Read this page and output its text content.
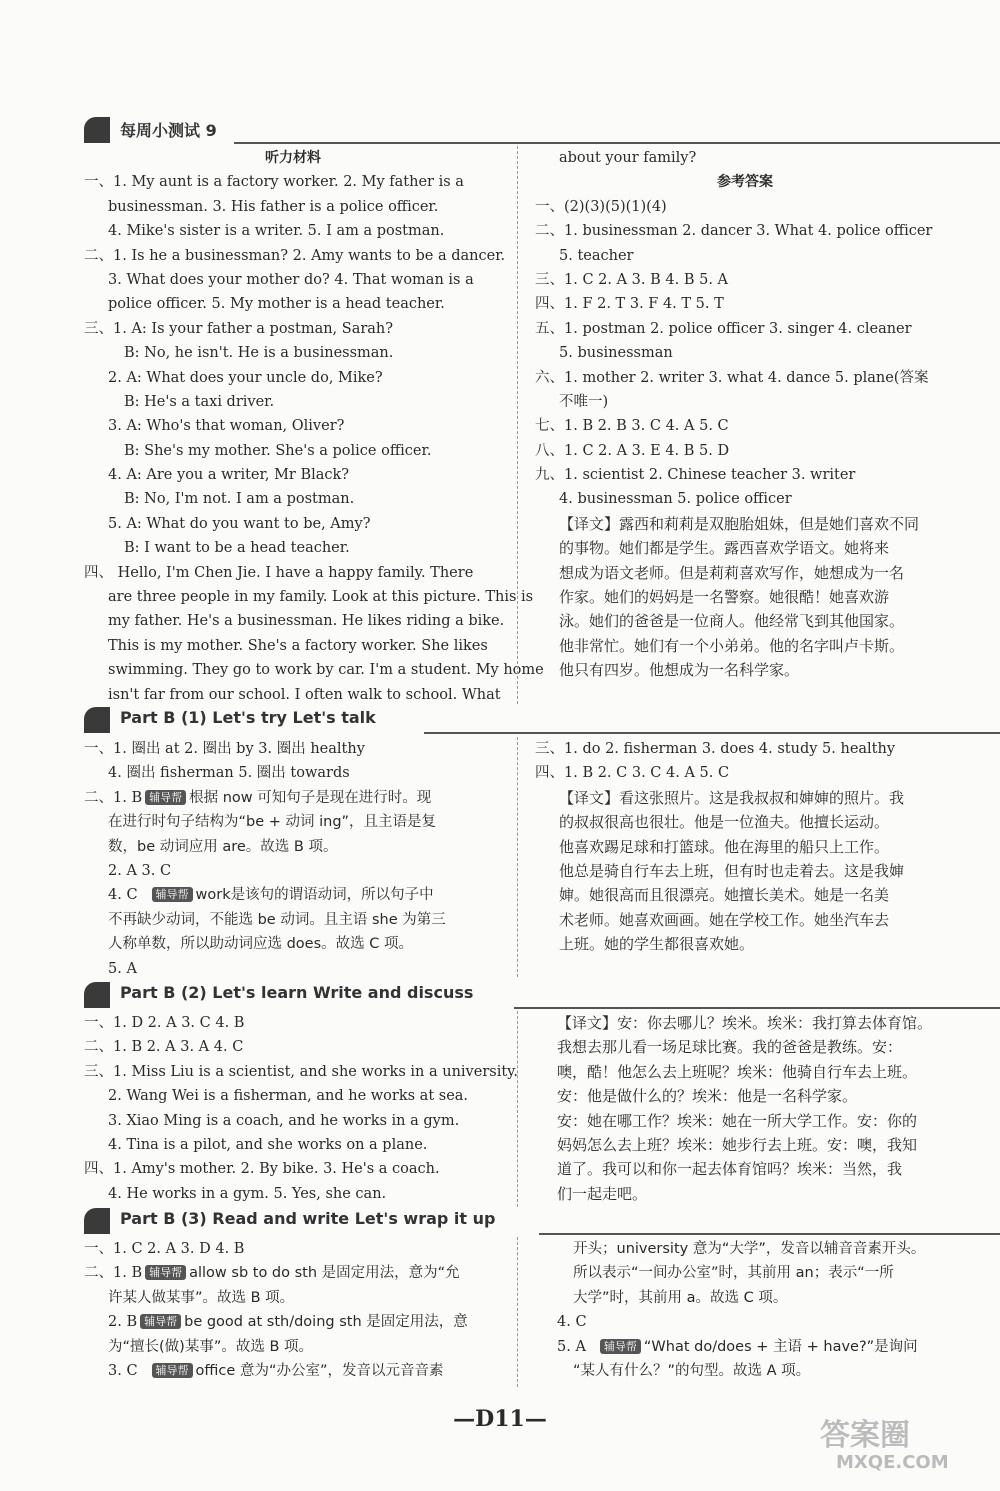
每周小测试 9
听力材料
一、1. My aunt is a factory worker. 2. My father is a
businessman. 3. His father is a police officer.
4. Mike's sister is a writer. 5. I am a postman.
二、1. Is he a businessman? 2. Amy wants to be a dancer.
3. What does your mother do? 4. That woman is a
police officer. 5. My mother is a head teacher.
三、1. A: Is your father a postman, Sarah?
B: No, he isn't. He is a businessman.
2. A: What does your uncle do, Mike?
B: He's a taxi driver.
3. A: Who's that woman, Oliver?
B: She's my mother. She's a police officer.
4. A: Are you a writer, Mr Black?
B: No, I'm not. I am a postman.
5. A: What do you want to be, Amy?
B: I want to be a head teacher.
四、 Hello, I'm Chen Jie. I have a happy family. There
are three people in my family. Look at this picture. This is
my father. He's a businessman. He likes riding a bike.
This is my mother. She's a factory worker. She likes
swimming. They go to work by car. I'm a student. My home
isn't far from our school. I often walk to school. What
about your family?
参考答案
一、(2)(3)(5)(1)(4)
二、1. businessman 2. dancer 3. What 4. police officer
5. teacher
三、1. C 2. A 3. B 4. B 5. A
四、1. F 2. T 3. F 4. T 5. T
五、1. postman 2. police officer 3. singer 4. cleaner
5. businessman
六、1. mother 2. writer 3. what 4. dance 5. plane(答案
不唯一)
七、1. B 2. B 3. C 4. A 5. C
八、1. C 2. A 3. E 4. B 5. D
九、1. scientist 2. Chinese teacher 3. writer
4. businessman 5. police officer
【译文】露西和莉莉是双胞胎姐妹，但是她们喜欢不同
的事物。她们都是学生。露西喜欢学语文。她将来
想成为语文老师。但是莉莉喜欢写作，她想成为一名
作家。她们的妈妈是一名警察。她很酷！她喜欢游
泳。她们的爸爸是一位商人。他经常飞到其他国家。
他非常忙。她们有一个小弟弟。他的名字叫卢卡斯。
他只有四岁。他想成为一名科学家。
Part B (1) Let's try Let's talk
一、1. 圈出 at 2. 圈出 by 3. 圈出 healthy
4. 圈出 fisherman 5. 圈出 towards
二、1. B 辅导帮 根据 now 可知句子是现在进行时。现
在进行时句子结构为“be + 动词 ing”，且主语是复
数，be 动词应用 are。故选 B 项。
2. A 3. C
4. C 辅导帮 work是该句的谓语动词，所以句子中
不再缺少动词，不能选 be 动词。且主语 she 为第三
人称单数，所以助动词应选 does。故选 C 项。
5. A
三、1. do 2. fisherman 3. does 4. study 5. healthy
四、1. B 2. C 3. C 4. A 5. C
【译文】看这张照片。这是我叔叔和婶婶的照片。我
的叔叔很高也很壮。他是一位渔夫。他擅长运动。
他喜欢踢足球和打篮球。他在海里的船只上工作。
他总是骑自行车去上班，但有时也走着去。这是我婶
婶。她很高而且很漂亮。她擅长美术。她是一名美
术老师。她喜欢画画。她在学校工作。她坐汽车去
上班。她的学生都很喜欢她。
Part B (2) Let's learn Write and discuss
一、1. D 2. A 3. C 4. B
二、1. B 2. A 3. A 4. C
三、1. Miss Liu is a scientist, and she works in a university.
2. Wang Wei is a fisherman, and he works at sea.
3. Xiao Ming is a coach, and he works in a gym.
4. Tina is a pilot, and she works on a plane.
四、1. Amy's mother. 2. By bike. 3. He's a coach.
4. He works in a gym. 5. Yes, she can.
【译文】安：你去哪儿？埃米。埃米：我打算去体育馆。
我想去那儿看一场足球比赛。我的爸爸是教练。安：
噢，酷！他怎么去上班呢？埃米：他骑自行车去上班。
安：他是做什么的？埃米：他是一名科学家。
安：她在哪工作？埃米：她在一所大学工作。安：你的
妈妈怎么去上班？埃米：她步行去上班。安：噢，我知
道了。我可以和你一起去体育馆吗？埃米：当然，我
们一起走吧。
Part B (3) Read and write Let's wrap it up
一、1. C 2. A 3. D 4. B
二、1. B 辅导帮 allow sb to do sth 是固定用法，意为“允
许某人做某事”。故选 B 项。
2. B 辅导帮 be good at sth/doing sth 是固定用法，意
为“擅长(做)某事”。故选 B 项。
3. C 辅导帮 office 意为“办公室”，发音以元音音素
开头；university 意为“大学”，发音以辅音音素开头。
所以表示“一间办公室”时，其前用 an；表示“一所
大学”时，其前用 a。故选 C 项。
4. C
5. A 辅导帮 “What do/does + 主语 + have?”是询问
“某人有什么？”的句型。故选 A 项。
—D11—	答案圈
MXQE.COM
